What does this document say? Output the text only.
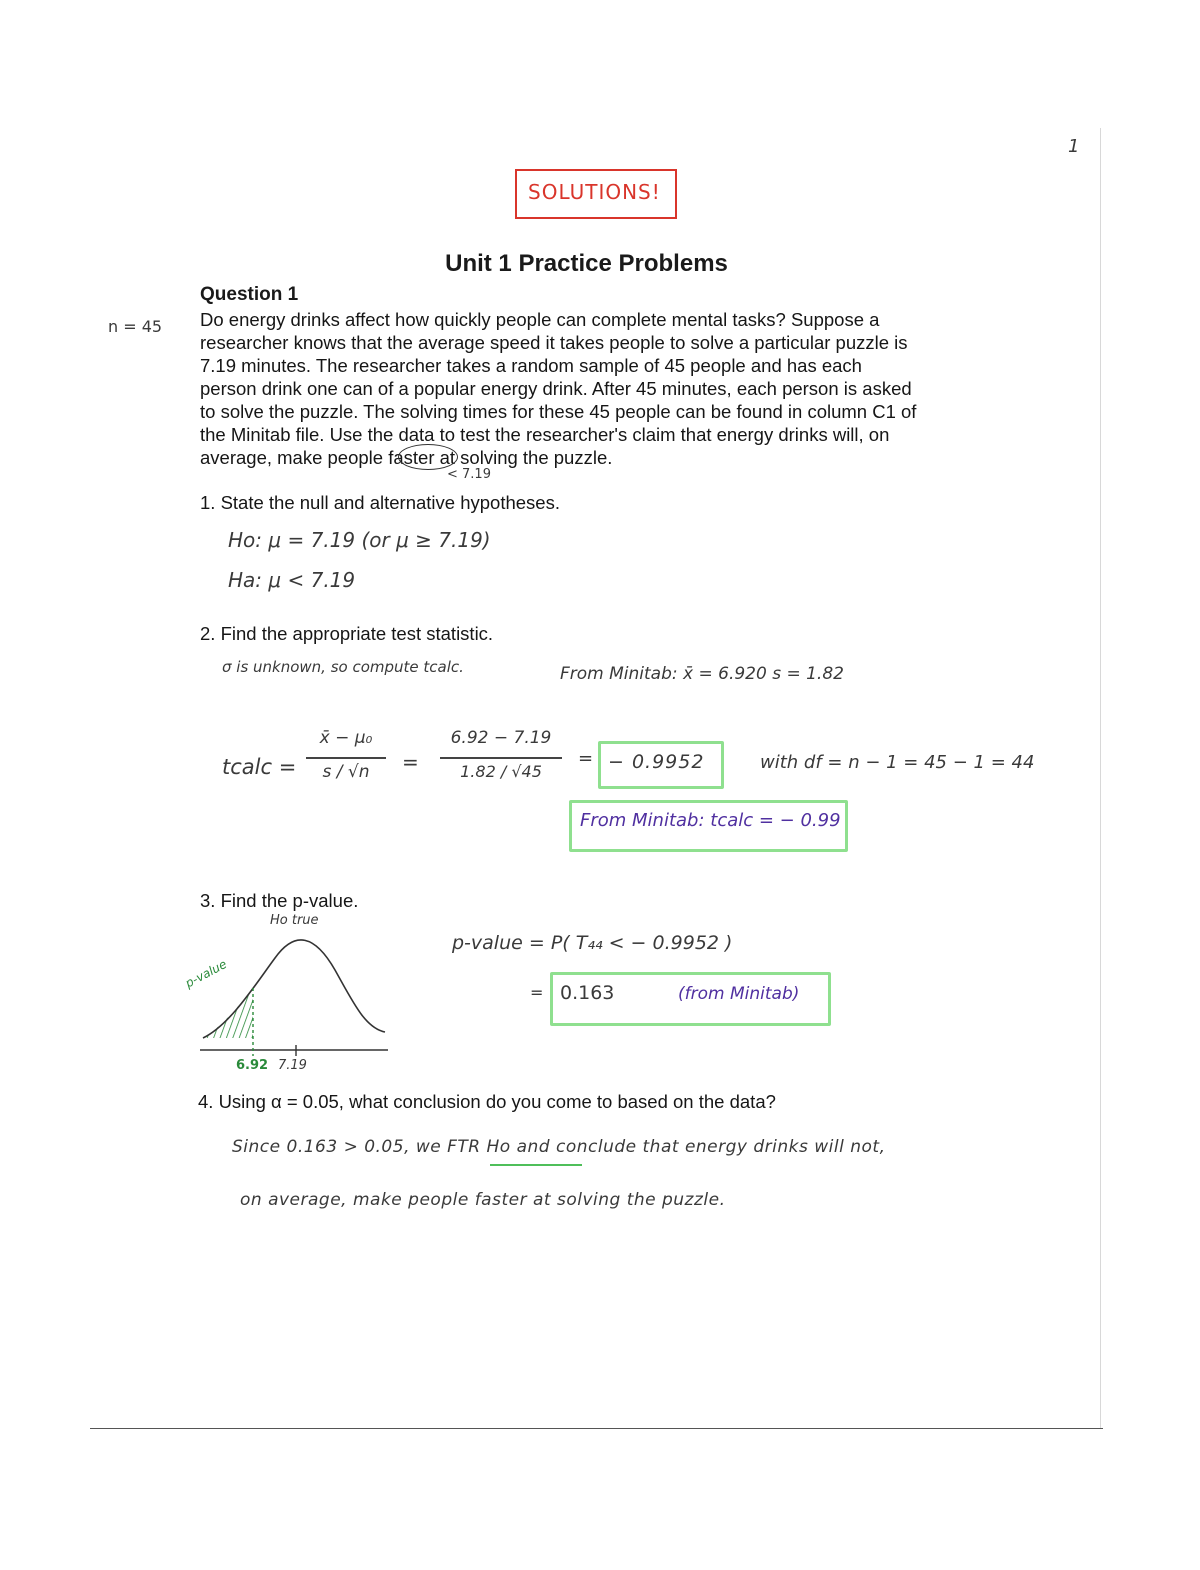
1
SOLUTIONS!
Unit 1 Practice Problems
Question 1
n = 45 Do energy drinks affect how quickly people can complete mental tasks? Suppose a
researcher knows that the average speed it takes people to solve a particular puzzle is
7.19 minutes. The researcher takes a random sample of 45 people and has each
person drink one can of a popular energy drink. After 45 minutes, each person is asked
to solve the puzzle. The solving times for these 45 people can be found in column C1 of
the Minitab file. Use the data to test the researcher's claim that energy drinks will, on
average, make people faster at solving the puzzle.
< 7.19
1. State the null and alternative hypotheses.
Ho: μ = 7.19 (or μ ≥ 7.19)
Ha: μ < 7.19
2. Find the appropriate test statistic.
σ is unknown, so compute tcalc.	From Minitab: x̄ = 6.920 s = 1.82
tcalc =
x̄ − μ₀
s / √n	=
6.92 − 7.19
1.82 / √45
= − 0.9952	with df = n − 1 = 45 − 1 = 44
From Minitab: tcalc = − 0.99
3. Find the p-value.
Ho true
p-value
6.92 7.19
p-value = P( T₄₄ < − 0.9952 )
= 0.163	(from Minitab)
4. Using α = 0.05, what conclusion do you come to based on the data?
Since 0.163 > 0.05, we FTR Ho and conclude that energy drinks will not,
on average, make people faster at solving the puzzle.
